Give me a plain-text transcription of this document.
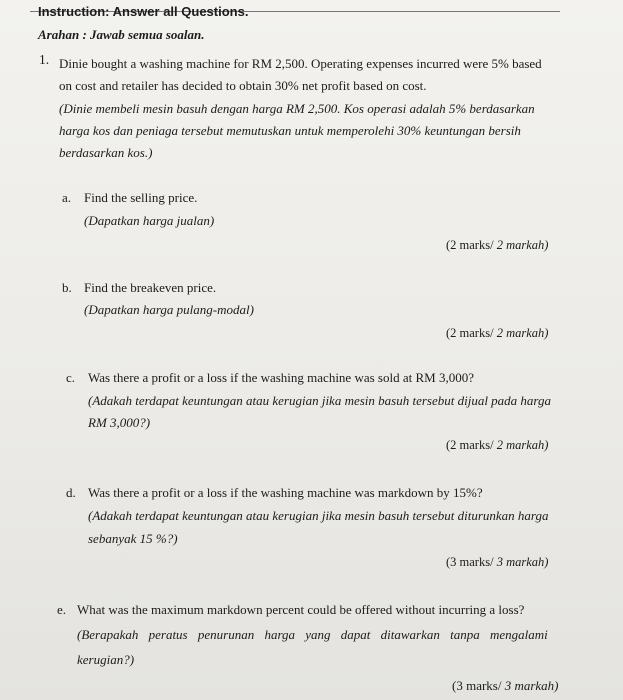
Instruction: Answer all Questions.
Arahan : Jawab semua soalan.
1. Dinie bought a washing machine for RM 2,500. Operating expenses incurred were 5% based
on cost and retailer has decided to obtain 30% net profit based on cost.
(Dinie membeli mesin basuh dengan harga RM 2,500. Kos operasi adalah 5% berdasarkan
harga kos dan peniaga tersebut memutuskan untuk memperolehi 30% keuntungan bersih
berdasarkan kos.)
a. Find the selling price.
(Dapatkan harga jualan)
(2 marks/ 2 markah)
b. Find the breakeven price.
(Dapatkan harga pulang-modal)
(2 marks/ 2 markah)
c. Was there a profit or a loss if the washing machine was sold at RM 3,000?
(Adakah terdapat keuntungan atau kerugian jika mesin basuh tersebut dijual pada harga
RM 3,000?)
(2 marks/ 2 markah)
d. Was there a profit or a loss if the washing machine was markdown by 15%?
(Adakah terdapat keuntungan atau kerugian jika mesin basuh tersebut diturunkan harga
sebanyak 15 %?)
(3 marks/ 3 markah)
e. What was the maximum markdown percent could be offered without incurring a loss?
(Berapakah peratus penurunan harga yang dapat ditawarkan tanpa mengalami
kerugian?)
(3 marks/ 3 markah)
